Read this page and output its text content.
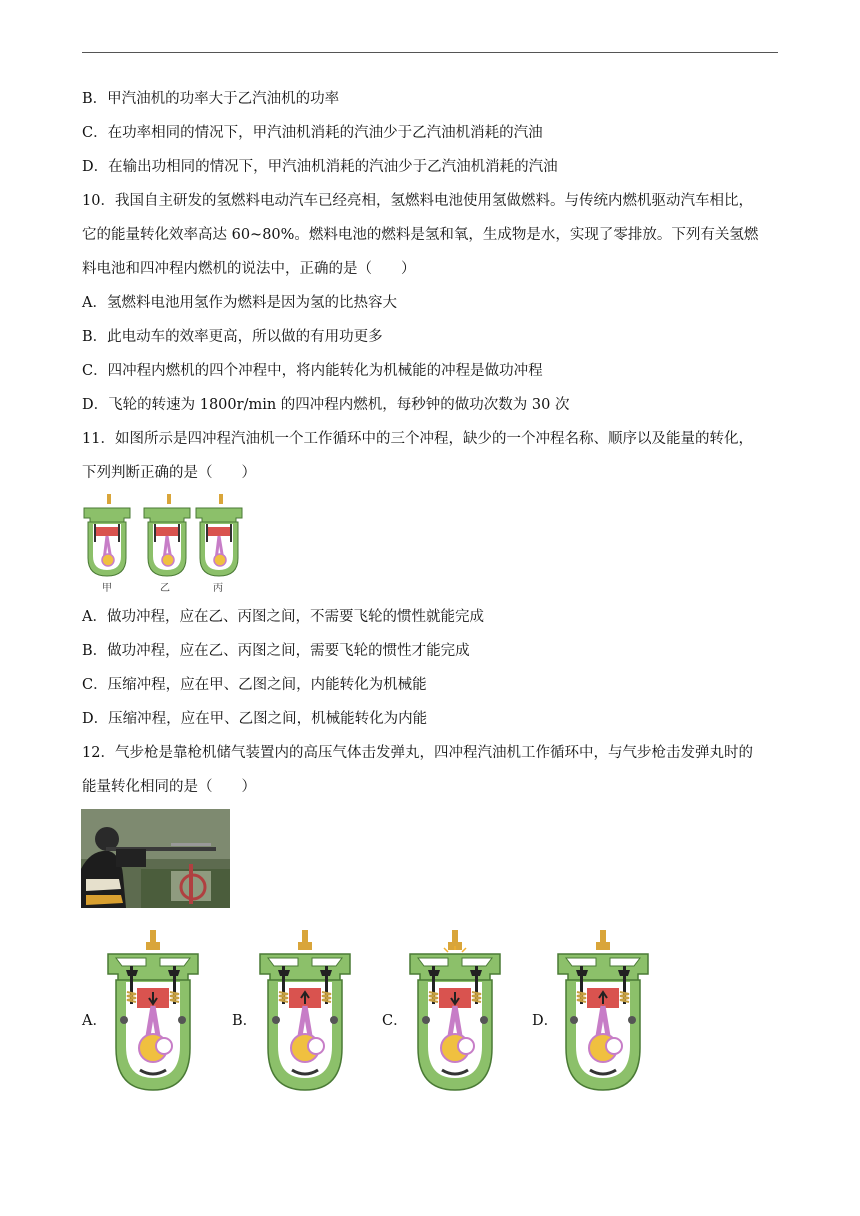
B．甲汽油机的功率大于乙汽油机的功率
C．在功率相同的情况下，甲汽油机消耗的汽油少于乙汽油机消耗的汽油
D．在输出功相同的情况下，甲汽油机消耗的汽油少于乙汽油机消耗的汽油
10．我国自主研发的氢燃料电动汽车已经亮相，氢燃料电池使用氢做燃料。与传统内燃机驱动汽车相比，
它的能量转化效率高达 60~80%。燃料电池的燃料是氢和氧，生成物是水，实现了零排放。下列有关氢燃
料电池和四冲程内燃机的说法中，正确的是（　　）
A．氢燃料电池用氢作为燃料是因为氢的比热容大
B．此电动车的效率更高，所以做的有用功更多
C．四冲程内燃机的四个冲程中，将内能转化为机械能的冲程是做功冲程
D．飞轮的转速为 1800r/min 的四冲程内燃机，每秒钟的做功次数为 30 次
11．如图所示是四冲程汽油机一个工作循环中的三个冲程，缺少的一个冲程名称、顺序以及能量的转化，
下列判断正确的是（　　）
甲	乙	丙
A．做功冲程，应在乙、丙图之间，不需要飞轮的惯性就能完成
B．做功冲程，应在乙、丙图之间，需要飞轮的惯性才能完成
C．压缩冲程，应在甲、乙图之间，内能转化为机械能
D．压缩冲程，应在甲、乙图之间，机械能转化为内能
12．气步枪是靠枪机储气装置内的高压气体击发弹丸，四冲程汽油机工作循环中，与气步枪击发弹丸时的
能量转化相同的是（　　）
A．	B．	C．	D．
